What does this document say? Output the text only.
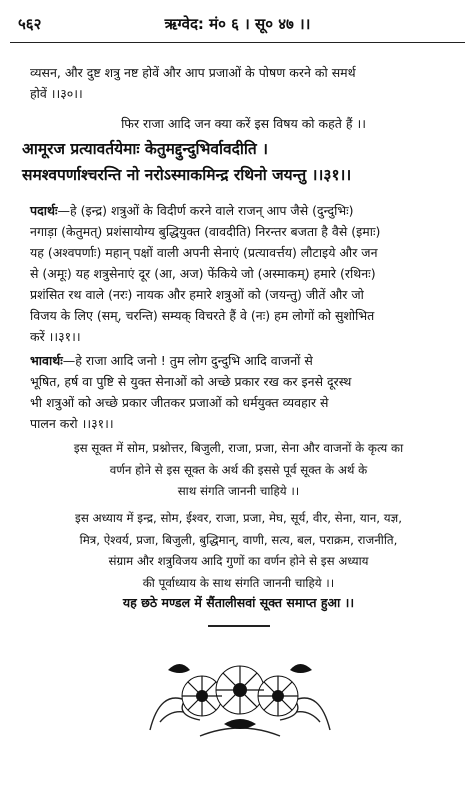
५६२	ऋग्वेद: मं० ६ । सू० ४७ ।।
व्यसन, और दुष्ट शत्रु नष्ट होवें और आप प्रजाओं के पोषण करने को समर्थ
होवें ।।३०।।
फिर राजा आदि जन क्या करें इस विषय को कहते हैं ।।
आमूरज प्रत्यावर्तयेमाः केतुमद्दुन्दुभिर्वावदीति ।
समश्वपर्णाश्चरन्ति नो नरोऽस्माकमिन्द्र रथिनो जयन्तु ।।३१।।
पदार्थः—हे (इन्द्र) शत्रुओं के विदीर्ण करने वाले राजन् आप जैसे (दुन्दुभिः)
नगाड़ा (केतुमत्) प्रशंसायोग्य बुद्धियुक्त (वावदीति) निरन्तर बजता है वैसे (इमाः)
यह (अश्वपर्णाः) महान् पक्षों वाली अपनी सेनाएं (प्रत्यावर्त्तय) लौटाइये और जन
से (अमूः) यह शत्रुसेनाएं दूर (आ, अज) फेंकिये जो (अस्माकम्) हमारे (रथिनः)
प्रशंसित रथ वाले (नरः) नायक और हमारे शत्रुओं को (जयन्तु) जीतें और जो
विजय के लिए (सम्, चरन्ति) सम्यक् विचरते हैं वे (नः) हम लोगों को सुशोभित
करें ।।३१।।
भावार्थः—हे राजा आदि जनो ! तुम लोग दुन्दुभि आदि वाजनों से
भूषित, हर्ष वा पुष्टि से युक्त सेनाओं को अच्छे प्रकार रख कर इनसे दूरस्थ
भी शत्रुओं को अच्छे प्रकार जीतकर प्रजाओं को धर्मयुक्त व्यवहार से
पालन करो ।।३१।।
इस सूक्त में सोम, प्रश्नोत्तर, बिजुली, राजा, प्रजा, सेना और वाजनों के कृत्य का
वर्णन होने से इस सूक्त के अर्थ की इससे पूर्व सूक्त के अर्थ के
साथ संगति जाननी चाहिये ।।
इस अध्याय में इन्द्र, सोम, ईश्वर, राजा, प्रजा, मेघ, सूर्य, वीर, सेना, यान, यज्ञ,
मित्र, ऐश्वर्य, प्रजा, बिजुली, बुद्धिमान्, वाणी, सत्य, बल, पराक्रम, राजनीति,
संग्राम और शत्रुविजय आदि गुणों का वर्णन होने से इस अध्याय
की पूर्वाध्याय के साथ संगति जाननी चाहिये ।।
यह छठे मण्डल में सैंतालीसवां सूक्त समाप्त हुआ ।।
